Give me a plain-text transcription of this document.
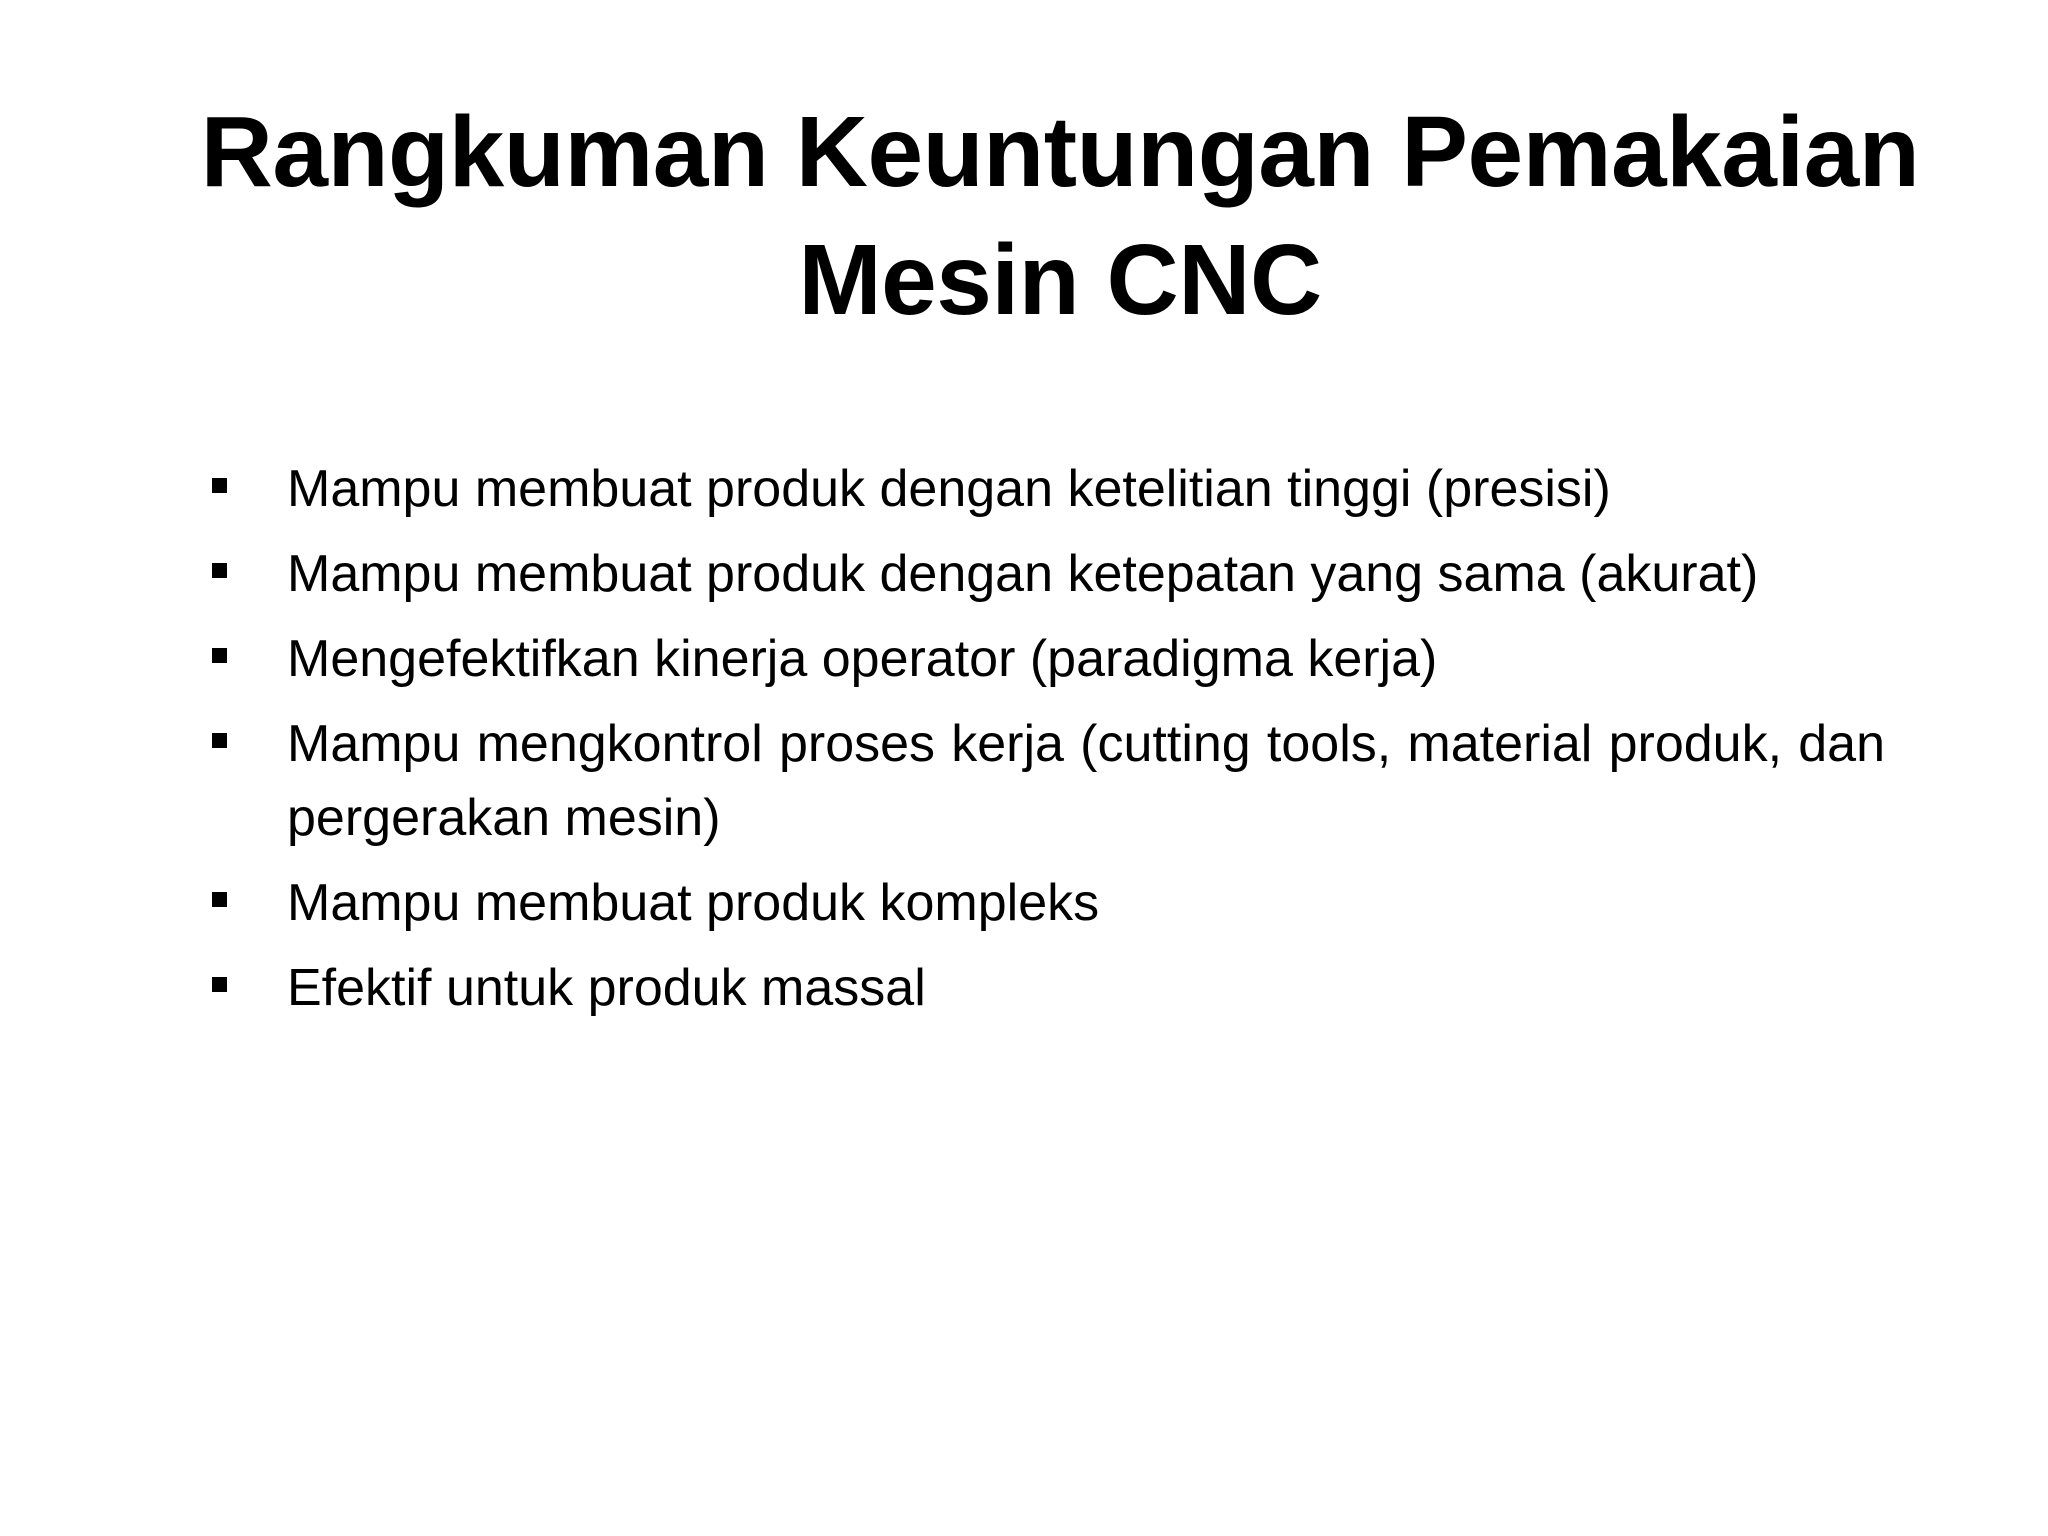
Rangkuman Keuntungan Pemakaian
Mesin CNC
Mampu membuat produk dengan ketelitian tinggi (presisi)
Mampu membuat produk dengan ketepatan yang sama (akurat)
Mengefektifkan kinerja operator (paradigma kerja)
Mampu mengkontrol proses kerja (cutting tools, material produk, dan pergerakan mesin)
Mampu membuat produk kompleks
Efektif untuk produk massal
